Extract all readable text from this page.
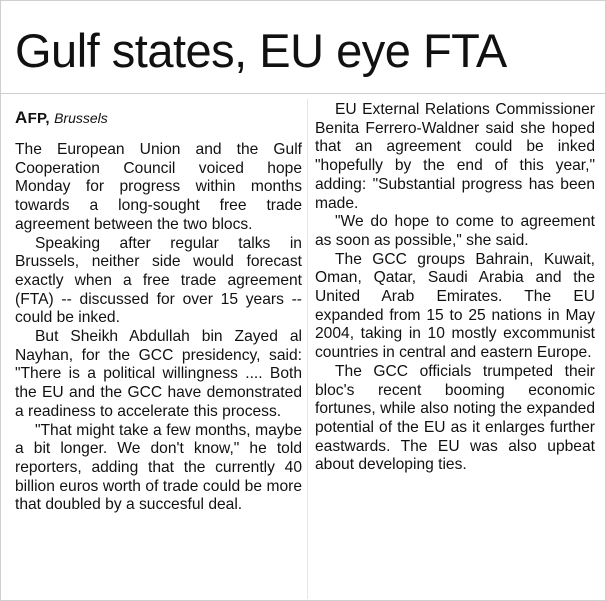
Gulf states, EU eye FTA
AFP, Brussels

The European Union and the Gulf Cooperation Council voiced hope Monday for progress within months towards a long-sought free trade agreement between the two blocs.

Speaking after regular talks in Brussels, neither side would forecast exactly when a free trade agreement (FTA) -- discussed for over 15 years -- could be inked.

But Sheikh Abdullah bin Zayed al Nayhan, for the GCC presidency, said: "There is a political willingness .... Both the EU and the GCC have demonstrated a readiness to accelerate this process.

"That might take a few months, maybe a bit longer. We don't know," he told reporters, adding that the currently 40 billion euros worth of trade could be more that doubled by a succesful deal.

EU External Relations Commissioner Benita Ferrero-Waldner said she hoped that an agreement could be inked "hopefully by the end of this year," adding: "Substantial progress has been made.

"We do hope to come to agreement as soon as possible," she said.

The GCC groups Bahrain, Kuwait, Oman, Qatar, Saudi Arabia and the United Arab Emirates. The EU expanded from 15 to 25 nations in May 2004, taking in 10 mostly excommunist countries in central and eastern Europe.

The GCC officials trumpeted their bloc's recent booming economic fortunes, while also noting the expanded potential of the EU as it enlarges further eastwards. The EU was also upbeat about developing ties.
